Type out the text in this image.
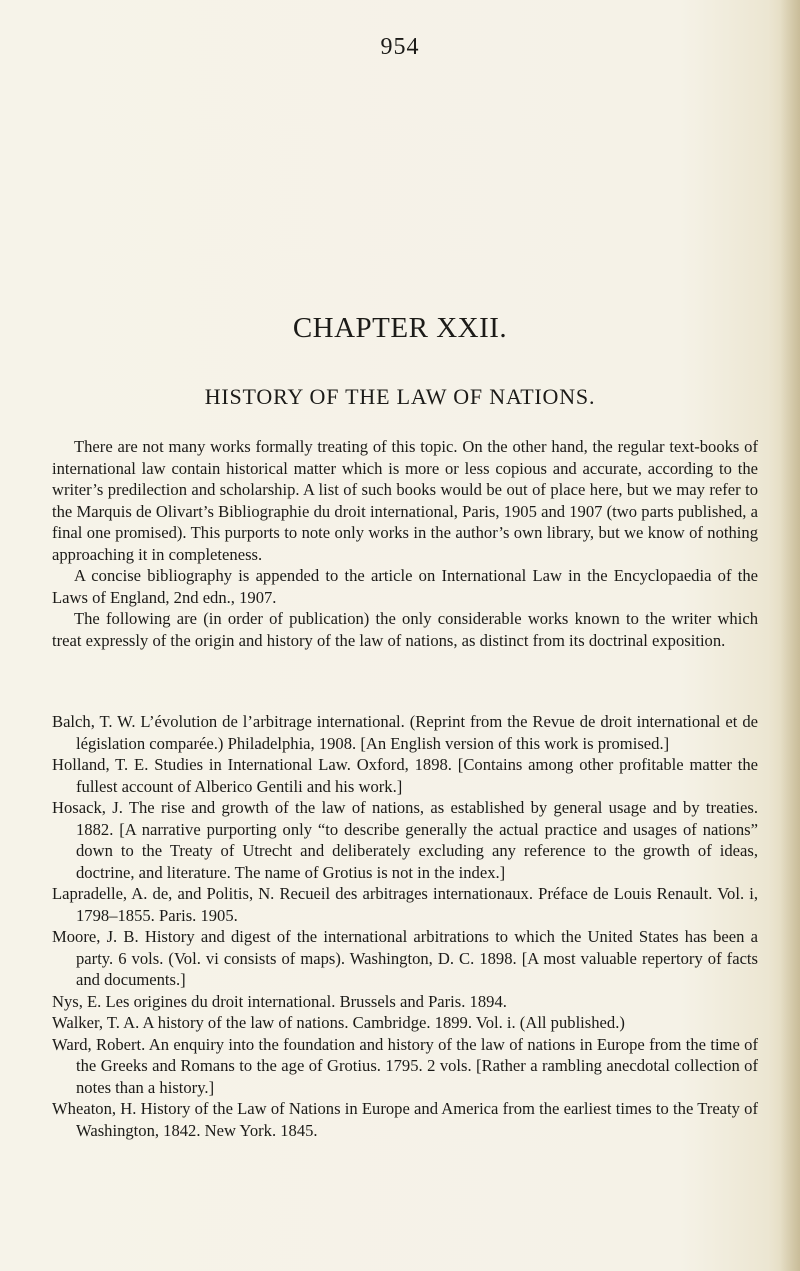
954
CHAPTER XXII.
HISTORY OF THE LAW OF NATIONS.

There are not many works formally treating of this topic. On the other hand, the regular text-books of international law contain historical matter which is more or less copious and accurate, according to the writer’s predilection and scholarship. A list of such books would be out of place here, but we may refer to the Marquis de Olivart’s Bibliographie du droit international, Paris, 1905 and 1907 (two parts published, a final one promised). This purports to note only works in the author’s own library, but we know of nothing approaching it in completeness.

A concise bibliography is appended to the article on International Law in the Encyclopaedia of the Laws of England, 2nd edn., 1907.

The following are (in order of publication) the only considerable works known to the writer which treat expressly of the origin and history of the law of nations, as distinct from its doctrinal exposition.

Balch, T. W. L’évolution de l’arbitrage international. (Reprint from the Revue de droit international et de législation comparée.) Philadelphia, 1908. [An English version of this work is promised.]

Holland, T. E. Studies in International Law. Oxford, 1898. [Contains among other profitable matter the fullest account of Alberico Gentili and his work.]

Hosack, J. The rise and growth of the law of nations, as established by general usage and by treaties. 1882. [A narrative purporting only “to describe generally the actual practice and usages of nations” down to the Treaty of Utrecht and deliberately excluding any reference to the growth of ideas, doctrine, and literature. The name of Grotius is not in the index.]

Lapradelle, A. de, and Politis, N. Recueil des arbitrages internationaux. Préface de Louis Renault. Vol. i, 1798–1855. Paris. 1905.

Moore, J. B. History and digest of the international arbitrations to which the United States has been a party. 6 vols. (Vol. vi consists of maps). Washington, D. C. 1898. [A most valuable repertory of facts and documents.]

Nys, E. Les origines du droit international. Brussels and Paris. 1894.

Walker, T. A. A history of the law of nations. Cambridge. 1899. Vol. i. (All published.)

Ward, Robert. An enquiry into the foundation and history of the law of nations in Europe from the time of the Greeks and Romans to the age of Grotius. 1795. 2 vols. [Rather a rambling anecdotal collection of notes than a history.]

Wheaton, H. History of the Law of Nations in Europe and America from the earliest times to the Treaty of Washington, 1842. New York. 1845.
